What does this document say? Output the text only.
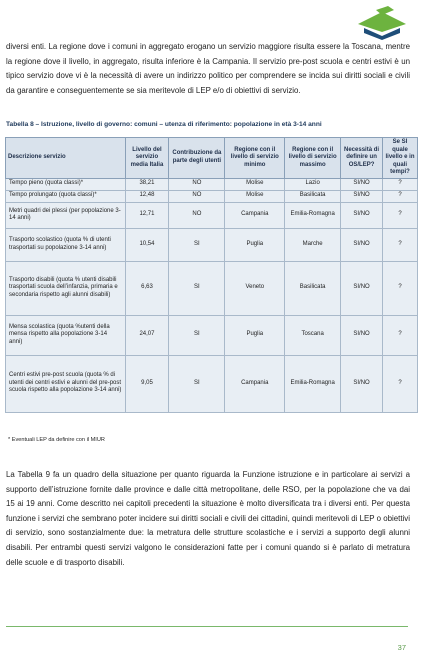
diversi enti. La regione dove i comuni in aggregato erogano un servizio maggiore risulta essere la Toscana, mentre la regione dove il livello, in aggregato, risulta inferiore è la Campania. Il servizio pre-post scuola e centri estivi è un tipico servizio dove vi è la necessità di avere un indirizzo politico per comprendere se incida sui diritti sociali e civili da garantire e conseguentemente se sia meritevole di LEP e/o di obiettivi di servizio.
Tabella 8 – Istruzione, livello di governo: comuni – utenza di riferimento: popolazione in età 3-14 anni
Descrizione servizio	Livello del servizio media Italia	Contribuzione da parte degli utenti	Regione con il livello di servizio minimo	Regione con il livello di servizio massimo	Necessità di definire un OS/LEP?	Se SI quale livello e in quali tempi?
Tempo pieno (quota classi)*	38,21	NO	Molise	Lazio	SI/NO	?
Tempo prolungato (quota classi)*	12,48	NO	Molise	Basilicata	SI/NO	?
Metri quadri dei plessi (per popolazione 3-14 anni)	12,71	NO	Campania	Emilia-Romagna	SI/NO	?
Trasporto scolastico (quota % di utenti trasportati su popolazione 3-14 anni)	10,54	SI	Puglia	Marche	SI/NO	?
Trasporto disabili (quota % utenti disabili trasportati scuola dell’infanzia, primaria e secondaria rispetto agli alunni disabili)	6,63	SI	Veneto	Basilicata	SI/NO	?
Mensa scolastica (quota %utenti della mensa rispetto alla popolazione 3-14 anni)	24,07	SI	Puglia	Toscana	SI/NO	?
Centri estivi pre-post scuola (quota % di utenti dei centri estivi e alunni del pre-post scuola rispetto alla popolazione 3-14 anni)	9,05	SI	Campania	Emilia-Romagna	SI/NO	?
* Eventuali LEP da definire con il MIUR
La Tabella 9 fa un quadro della situazione per quanto riguarda la Funzione istruzione e in particolare ai servizi a supporto dell’istruzione fornite dalle province e dalle città metropolitane, delle RSO, per la popolazione che va dai 15 ai 19 anni. Come descritto nei capitoli precedenti la situazione è molto diversificata tra i diversi enti. Per questa funzione i servizi che sembrano poter incidere sui diritti sociali e civili dei cittadini, quindi meritevoli di LEP o obiettivi di servizio, sono sostanzialmente due: la metratura delle strutture scolastiche e i servizi a supporto degli alunni disabili. Per entrambi questi servizi valgono le considerazioni fatte per i comuni quando si è parlato di metratura delle scuole e di trasporto disabili.
37
